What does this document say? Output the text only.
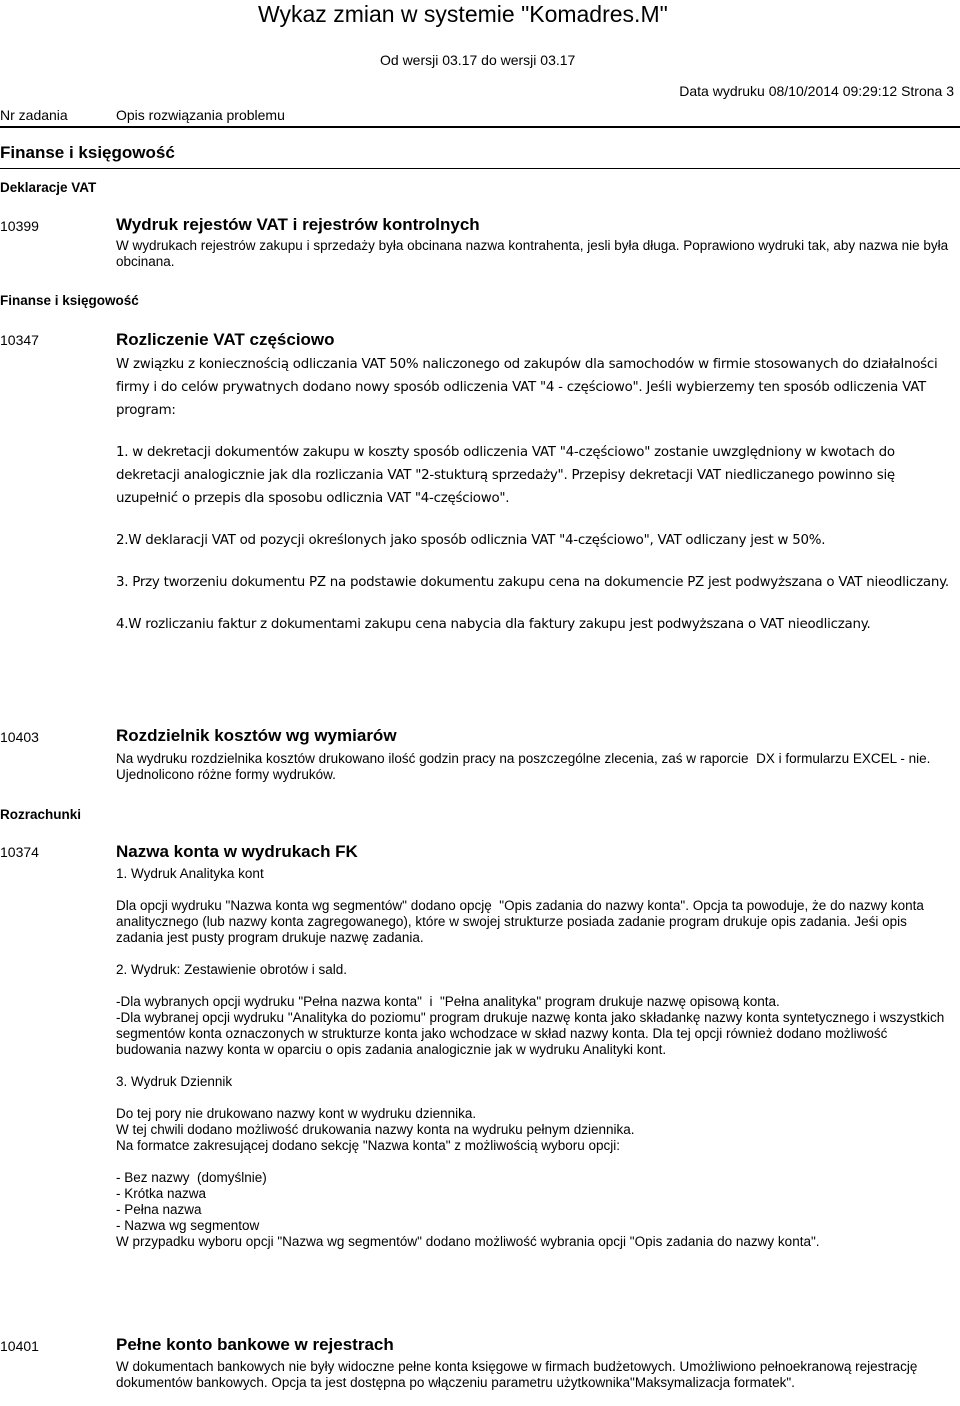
Wykaz zmian w systemie "Komadres.M"
Od wersji 03.17 do wersji 03.17
Nr zadania	Opis rozwiązania problemu
Data wydruku 08/10/2014 09:29:12 Strona 3
Finanse i księgowość
Deklaracje VAT
10399	Wydruk rejestów VAT i rejestrów kontrolnych

W wydrukach rejestrów zakupu i sprzedaży była obcinana nazwa kontrahenta, jesli była długa. Poprawiono wydruki tak, aby nazwa nie była obcinana.

Finanse i księgowość
10347	Rozliczenie VAT częściowo

W związku z koniecznością odliczania VAT 50% naliczonego od zakupów dla samochodów w firmie stosowanych do działalności firmy i do celów prywatnych dodano nowy sposób odliczenia VAT "4 - częściowo". Jeśli wybierzemy ten sposób odliczenia VAT program:

1. w dekretacji dokumentów zakupu w koszty sposób odliczenia VAT "4-częściowo" zostanie uwzględniony w kwotach do dekretacji analogicznie jak dla rozliczania VAT "2-stukturą sprzedaży". Przepisy dekretacji VAT niedliczanego powinno się uzupełnić o przepis dla sposobu odlicznia VAT "4-częściowo".

2.W deklaracji VAT od pozycji określonych jako sposób odlicznia VAT "4-częściowo", VAT odliczany jest w 50%.

3. Przy tworzeniu dokumentu PZ na podstawie dokumentu zakupu cena na dokumencie PZ jest podwyższana o VAT nieodliczany.

4.W rozliczaniu faktur z dokumentami zakupu cena nabycia dla faktury zakupu jest podwyższana o VAT nieodliczany.

10403	Rozdzielnik kosztów wg wymiarów

Na wydruku rozdzielnika kosztów drukowano ilość godzin pracy na poszczególne zlecenia, zaś w raporcie  DX i formularzu EXCEL - nie. Ujednolicono różne formy wydruków.

Rozrachunki
10374	Nazwa konta w wydrukach FK

1. Wydruk Analityka kont

Dla opcji wydruku "Nazwa konta wg segmentów" dodano opcję  "Opis zadania do nazwy konta". Opcja ta powoduje, że do nazwy konta analitycznego (lub nazwy konta zagregowanego), które w swojej strukturze posiada zadanie program drukuje opis zadania. Jeśi opis zadania jest pusty program drukuje nazwę zadania.

2. Wydruk: Zestawienie obrotów i sald.

-Dla wybranych opcji wydruku "Pełna nazwa konta"  i  "Pełna analityka" program drukuje nazwę opisową konta.

-Dla wybranej opcji wydruku "Analityka do poziomu" program drukuje nazwę konta jako składankę nazwy konta syntetycznego i wszystkich segmentów konta oznaczonych w strukturze konta jako wchodzace w skład nazwy konta. Dla tej opcji również dodano możliwość budowania nazwy konta w oparciu o opis zadania analogicznie jak w wydruku Analityki kont.

3. Wydruk Dziennik

Do tej pory nie drukowano nazwy kont w wydruku dziennika.

W tej chwili dodano możliwość drukowania nazwy konta na wydruku pełnym dziennika.

Na formatce zakresującej dodano sekcję "Nazwa konta" z możliwością wyboru opcji:

- Bez nazwy  (domyślnie)

- Krótka nazwa

- Pełna nazwa

- Nazwa wg segmentow

W przypadku wyboru opcji "Nazwa wg segmentów" dodano możliwość wybrania opcji "Opis zadania do nazwy konta".

10401	Pełne konto bankowe w rejestrach

W dokumentach bankowych nie były widoczne pełne konta księgowe w firmach budżetowych. Umożliwiono pełnoekranową rejestrację dokumentów bankowych. Opcja ta jest dostępna po włączeniu parametru użytkownika"Maksymalizacja formatek".
